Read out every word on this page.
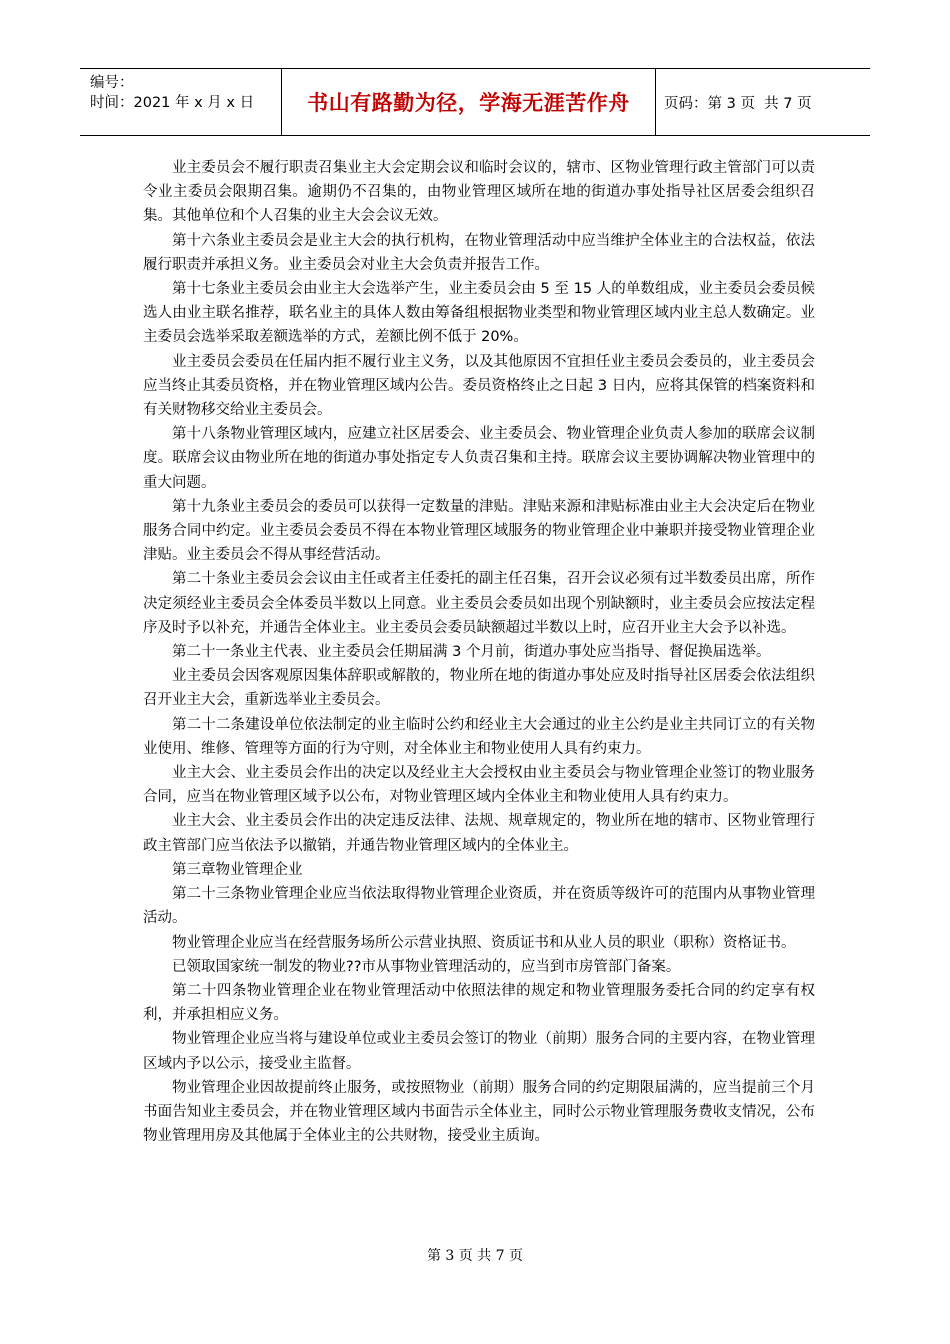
编号：
时间：2021 年 x 月 x 日	书山有路勤为径，学海无涯苦作舟	页码：第 3 页  共 7 页

业主委员会不履行职责召集业主大会定期会议和临时会议的，辖市、区物业管理行政主管部门可以责令业主委员会限期召集。逾期仍不召集的，由物业管理区域所在地的街道办事处指导社区居委会组织召集。其他单位和个人召集的业主大会会议无效。

第十六条业主委员会是业主大会的执行机构，在物业管理活动中应当维护全体业主的合法权益，依法履行职责并承担义务。业主委员会对业主大会负责并报告工作。

第十七条业主委员会由业主大会选举产生，业主委员会由 5 至 15 人的单数组成，业主委员会委员候选人由业主联名推荐，联名业主的具体人数由筹备组根据物业类型和物业管理区域内业主总人数确定。业主委员会选举采取差额选举的方式，差额比例不低于 20%。

业主委员会委员在任届内拒不履行业主义务，以及其他原因不宜担任业主委员会委员的，业主委员会应当终止其委员资格，并在物业管理区域内公告。委员资格终止之日起 3 日内，应将其保管的档案资料和有关财物移交给业主委员会。

第十八条物业管理区域内，应建立社区居委会、业主委员会、物业管理企业负责人参加的联席会议制度。联席会议由物业所在地的街道办事处指定专人负责召集和主持。联席会议主要协调解决物业管理中的重大问题。

第十九条业主委员会的委员可以获得一定数量的津贴。津贴来源和津贴标准由业主大会决定后在物业服务合同中约定。业主委员会委员不得在本物业管理区域服务的物业管理企业中兼职并接受物业管理企业津贴。业主委员会不得从事经营活动。

第二十条业主委员会会议由主任或者主任委托的副主任召集，召开会议必须有过半数委员出席，所作决定须经业主委员会全体委员半数以上同意。业主委员会委员如出现个别缺额时，业主委员会应按法定程序及时予以补充，并通告全体业主。业主委员会委员缺额超过半数以上时，应召开业主大会予以补选。

第二十一条业主代表、业主委员会任期届满 3 个月前，街道办事处应当指导、督促换届选举。

业主委员会因客观原因集体辞职或解散的，物业所在地的街道办事处应及时指导社区居委会依法组织召开业主大会，重新选举业主委员会。

第二十二条建设单位依法制定的业主临时公约和经业主大会通过的业主公约是业主共同订立的有关物业使用、维修、管理等方面的行为守则，对全体业主和物业使用人具有约束力。

业主大会、业主委员会作出的决定以及经业主大会授权由业主委员会与物业管理企业签订的物业服务合同，应当在物业管理区域予以公布，对物业管理区域内全体业主和物业使用人具有约束力。

业主大会、业主委员会作出的决定违反法律、法规、规章规定的，物业所在地的辖市、区物业管理行政主管部门应当依法予以撤销，并通告物业管理区域内的全体业主。

第三章物业管理企业

第二十三条物业管理企业应当依法取得物业管理企业资质，并在资质等级许可的范围内从事物业管理活动。

物业管理企业应当在经营服务场所公示营业执照、资质证书和从业人员的职业（职称）资格证书。

已领取国家统一制发的物业??市从事物业管理活动的，应当到市房管部门备案。

第二十四条物业管理企业在物业管理活动中依照法律的规定和物业管理服务委托合同的约定享有权利，并承担相应义务。

物业管理企业应当将与建设单位或业主委员会签订的物业（前期）服务合同的主要内容，在物业管理区域内予以公示，接受业主监督。

物业管理企业因故提前终止服务，或按照物业（前期）服务合同的约定期限届满的，应当提前三个月书面告知业主委员会，并在物业管理区域内书面告示全体业主，同时公示物业管理服务费收支情况，公布物业管理用房及其他属于全体业主的公共财物，接受业主质询。

第 3 页 共 7 页
